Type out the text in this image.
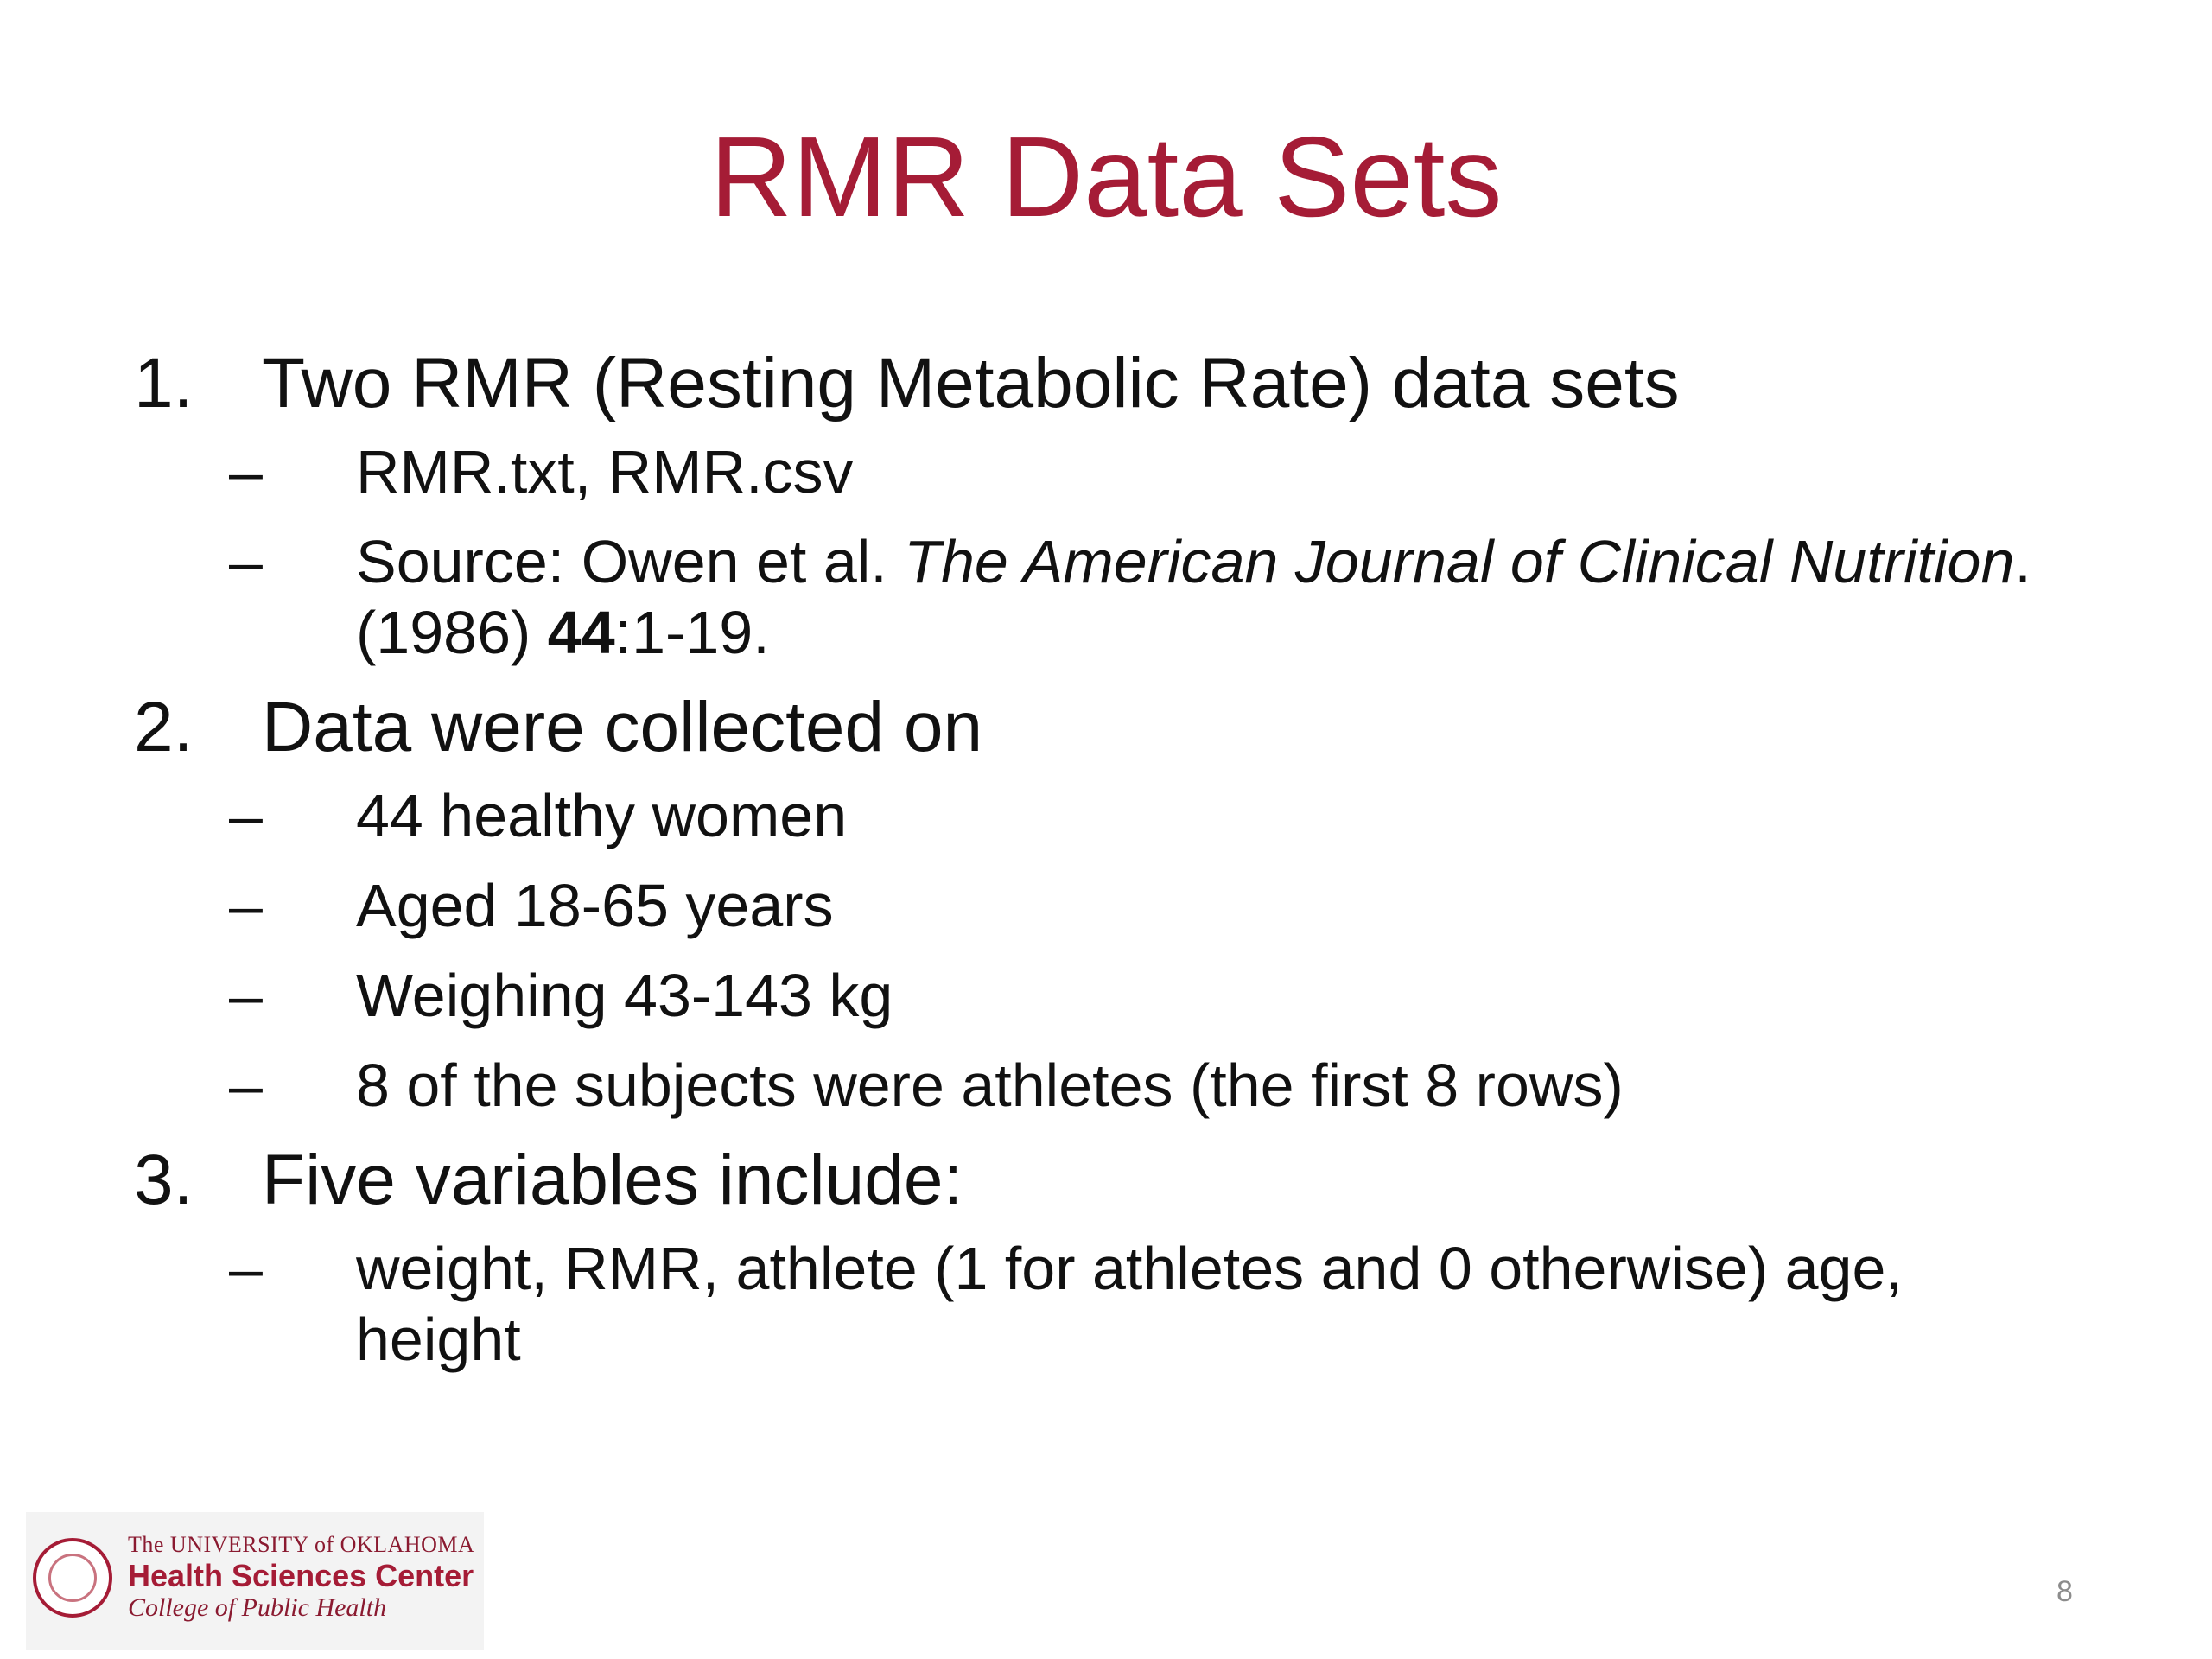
RMR Data Sets
1. Two RMR (Resting Metabolic Rate) data sets
– RMR.txt, RMR.csv
– Source: Owen et al. The American Journal of Clinical Nutrition. (1986) 44:1-19.
2. Data were collected on
– 44 healthy women
– Aged 18-65 years
– Weighing 43-143 kg
– 8 of the subjects were athletes (the first 8 rows)
3. Five variables include:
– weight, RMR, athlete (1 for athletes and 0 otherwise) age, height
The UNIVERSITY of OKLAHOMA
Health Sciences Center
College of Public Health	8
